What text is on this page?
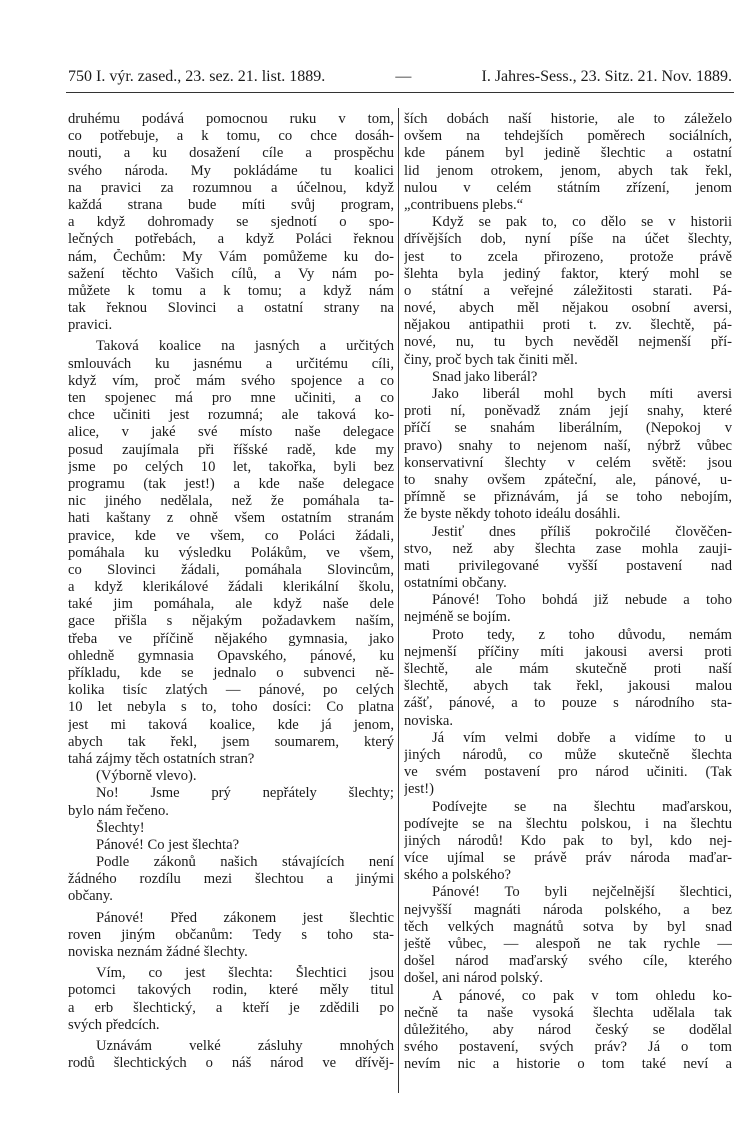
750 I. výr. zased., 23. sez. 21. list. 1889.	—	I. Jahres-Sess., 23. Sitz. 21. Nov. 1889.
druhému podává pomocnou ruku v tom,
co potřebuje, a k tomu, co chce dosáh-
nouti, a ku dosažení cíle a prospěchu
svého národa. My pokládáme tu koalici
na pravici za rozumnou a účelnou, když
každá strana bude míti svůj program,
a když dohromady se sjednotí o spo-
lečných potřebách, a když Poláci řeknou
nám, Čechům: My Vám pomůžeme ku do-
sažení těchto Vašich cílů, a Vy nám po-
můžete k tomu a k tomu; a když nám
tak řeknou Slovinci a ostatní strany na
pravici.
Taková koalice na jasných a určitých
smlouvách ku jasnému a určitému cíli,
když vím, proč mám svého spojence a co
ten spojenec má pro mne učiniti, a co
chce učiniti jest rozumná; ale taková ko-
alice, v jaké své místo naše delegace
posud zaujímala při říšské radě, kde my
jsme po celých 10 let, takořka, byli bez
programu (tak jest!) a kde naše delegace
nic jiného nedělala, než že pomáhala ta-
hati kaštany z ohně všem ostatním stranám
pravice, kde ve všem, co Poláci žádali,
pomáhala ku výsledku Polákům, ve všem,
co Slovinci žádali, pomáhala Slovincům,
a když klerikálové žádali klerikální školu,
také jim pomáhala, ale když naše dele
gace přišla s nějakým požadavkem naším,
třeba ve příčině nějakého gymnasia, jako
ohledně gymnasia Opavského, pánové, ku
příkladu, kde se jednalo o subvenci ně-
kolika tisíc zlatých — pánové, po celých
10 let nebyla s to, toho dosíci: Co platna
jest mi taková koalice, kde já jenom,
abych tak řekl, jsem soumarem, který
tahá zájmy těch ostatních stran?
(Výborně vlevo).
No! Jsme prý nepřátely šlechty;
bylo nám řečeno.
Šlechty!
Pánové! Co jest šlechta?
Podle zákonů našich stávajících není
žádného rozdílu mezi šlechtou a jinými
občany.
Pánové! Před zákonem jest šlechtic
roven jiným občanům: Tedy s toho sta-
noviska neznám žádné šlechty.
Vím, co jest šlechta: Šlechtici jsou
potomci takových rodin, které měly titul
a erb šlechtický, a kteří je zdědili po
svých předcích.
Uznávám velké zásluhy mnohých
rodů šlechtických o náš národ ve dřívěj-
ších dobách naší historie, ale to záleželo
ovšem na tehdejších poměrech sociálních,
kde pánem byl jedině šlechtic a ostatní
lid jenom otrokem, jenom, abych tak řekl,
nulou v celém státním zřízení, jenom
„contribuens plebs.“
Když se pak to, co dělo se v historii
dřívějších dob, nyní píše na účet šlechty,
jest to zcela přirozeno, protože právě
šlehta byla jediný faktor, který mohl se
o státní a veřejné záležitosti starati. Pá-
nové, abych měl nějakou osobní aversi,
nějakou antipathii proti t. zv. šlechtě, pá-
nové, nu, tu bych nevěděl nejmenší pří-
činy, proč bych tak činiti měl.
Snad jako liberál?
Jako liberál mohl bych míti aversi
proti ní, poněvadž znám její snahy, které
příčí se snahám liberálním, (Nepokoj v
pravo) snahy to nejenom naší, nýbrž vůbec
konservativní šlechty v celém světě: jsou
to snahy ovšem zpáteční, ale, pánové, u-
přímně se přiznávám, já se toho nebojím,
že byste někdy tohoto ideálu dosáhli.
Jestiť dnes příliš pokročilé člověčen-
stvo, než aby šlechta zase mohla zauji-
mati privilegované vyšší postavení nad
ostatními občany.
Pánové! Toho bohdá již nebude a toho
nejméně se bojím.
Proto tedy, z toho důvodu, nemám
nejmenší příčiny míti jakousi aversi proti
šlechtě, ale mám skutečně proti naší
šlechtě, abych tak řekl, jakousi malou
zášť, pánové, a to pouze s národního sta-
noviska.
Já vím velmi dobře a vidíme to u
jiných národů, co může skutečně šlechta
ve svém postavení pro národ učiniti. (Tak
jest!)
Podívejte se na šlechtu maďarskou,
podívejte se na šlechtu polskou, i na šlechtu
jiných národů! Kdo pak to byl, kdo nej-
více ujímal se právě práv národa maďar-
ského a polského?
Pánové! To byli nejčelnější šlechtici,
nejvyšší magnáti národa polského, a bez
těch velkých magnátů sotva by byl snad
ještě vůbec, — alespoň ne tak rychle —
došel národ maďarský svého cíle, kterého
došel, ani národ polský.
A pánové, co pak v tom ohledu ko-
nečně ta naše vysoká šlechta udělala tak
důležitého, aby národ český se dodělal
svého postavení, svých práv? Já o tom
nevím nic a historie o tom také neví a
